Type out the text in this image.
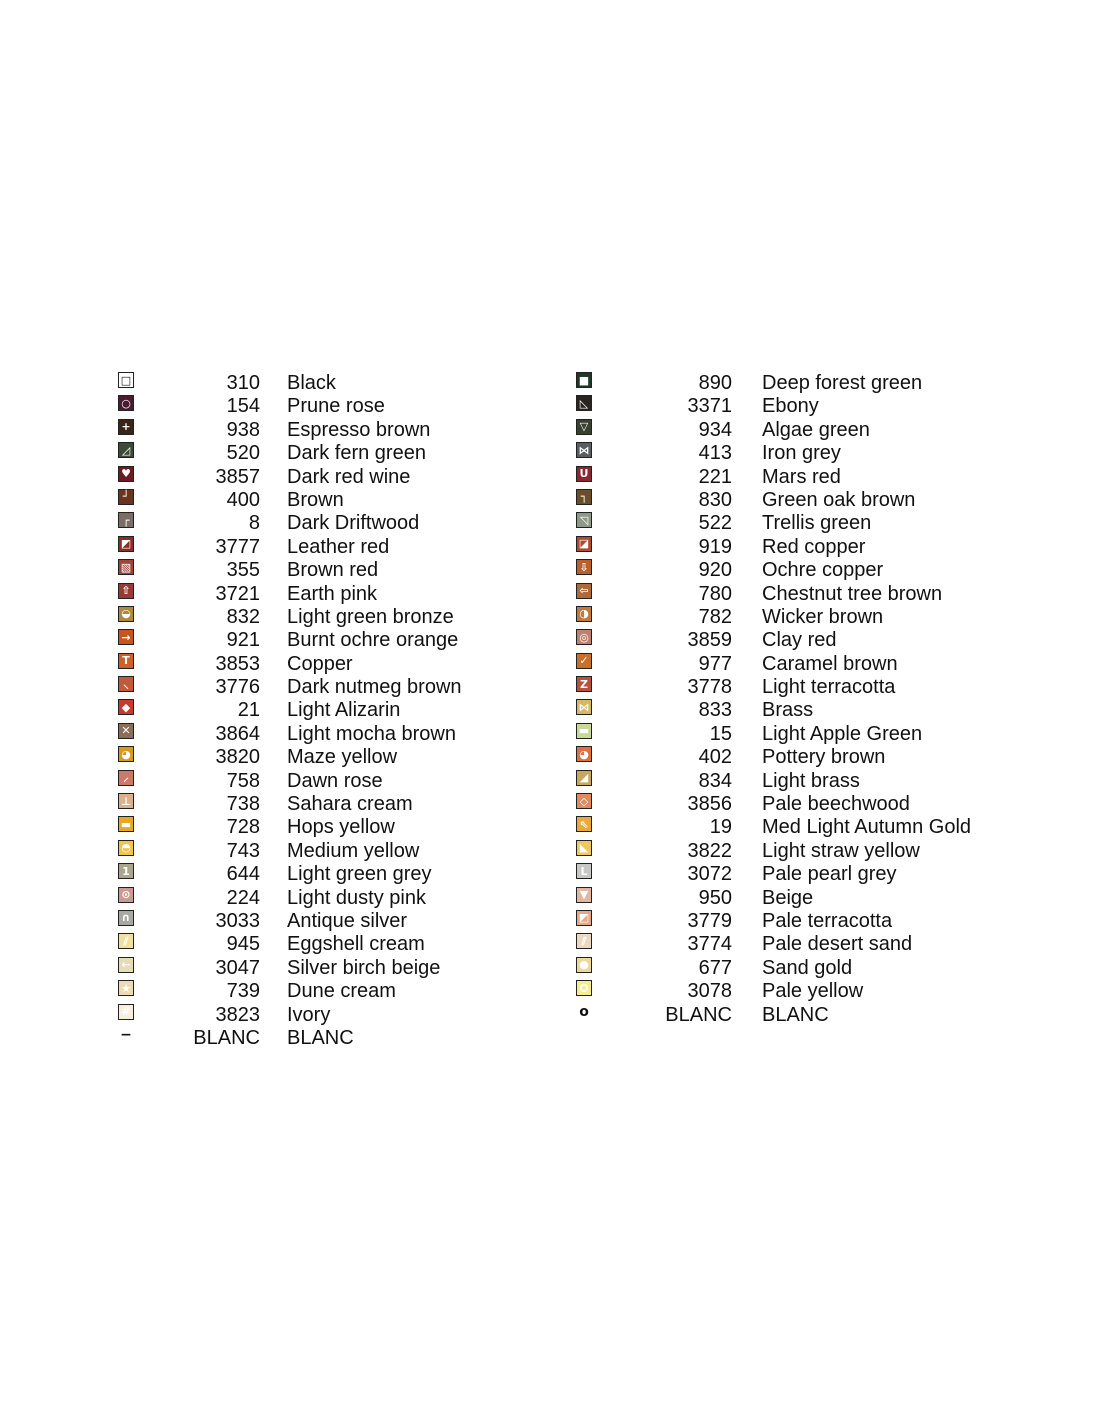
□	310 Black
○	154 Prune rose
+	938 Espresso brown
◿	520 Dark fern green
♥	3857 Dark red wine
┘	400 Brown
┌	8 Dark Driftwood
◩	3777 Leather red
▧	355 Brown red
⇧	3721 Earth pink
◒	832 Light green bronze
→	921 Burnt ochre orange
T	3853 Copper
⸜	3776 Dark nutmeg brown
◆	21 Light Alizarin
✕	3864 Light mocha brown
◕	3820 Maze yellow
⸝	758 Dawn rose
⊥	738 Sahara cream
▬	728 Hops yellow
◓	743 Medium yellow
1	644 Light green grey
⊙	224 Light dusty pink
∩	3033 Antique silver
⫽	945 Eggshell cream
←	3047 Silver birch beige
★	739 Dune cream
#	3823 Ivory
−	BLANC BLANC
■	890 Deep forest green
◺	3371 Ebony
▽	934 Algae green
⋈	413 Iron grey
U	221 Mars red
┐	830 Green oak brown
◹	522 Trellis green
◪	919 Red copper
⇩	920 Ochre copper
⇦	780 Chestnut tree brown
◑	782 Wicker brown
◎	3859 Clay red
✓	977 Caramel brown
Z	3778 Light terracotta
⋈	833 Brass
▬	15 Light Apple Green
◕	402 Pottery brown
◢	834 Light brass
◇	3856 Pale beechwood
⇖	19 Med Light Autumn Gold
◣	3822 Light straw yellow
L	3072 Pale pearl grey
▼	950 Beige
◩	3779 Pale terracotta
⫽	3774 Pale desert sand
●	677 Sand gold
✪	3078 Pale yellow
o	BLANC BLANC
